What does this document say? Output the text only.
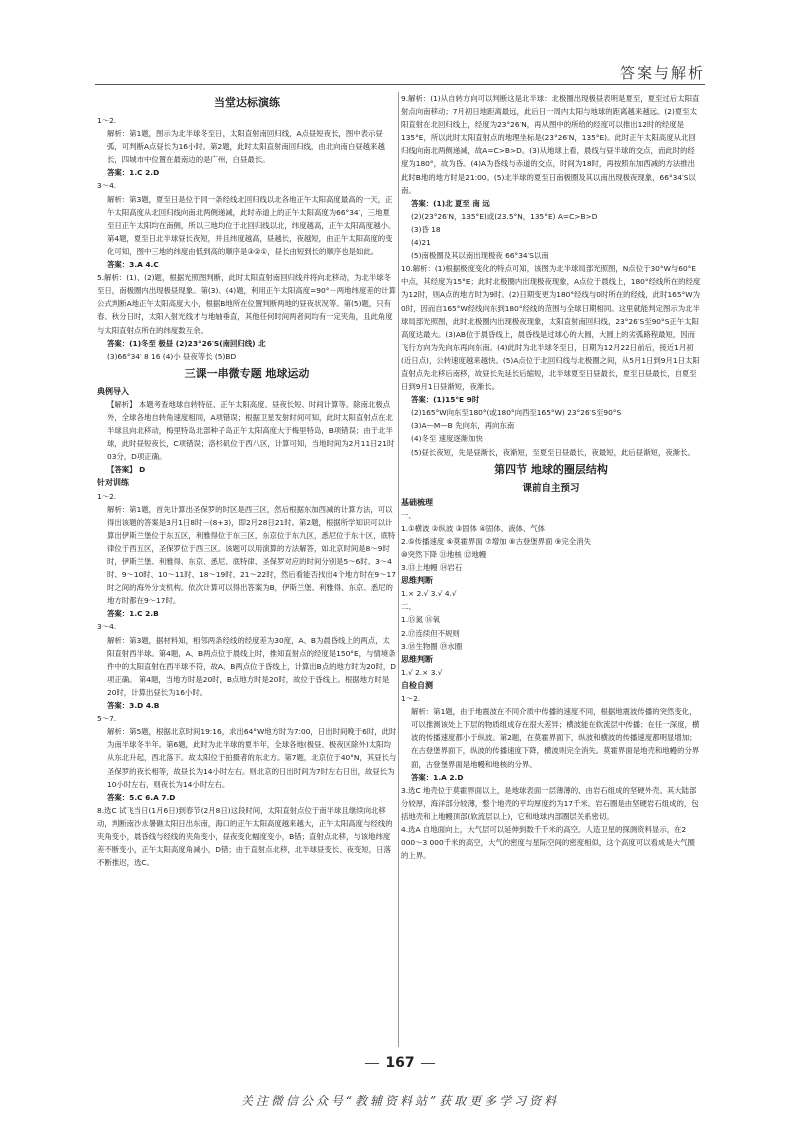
答案与解析
当堂达标演练

1～2.

解析：第1题，图示为北半球冬至日，太阳直射南回归线，A点昼短夜长，图中表示昼弧，可判断A点昼长为16小时。第2题，此时太阳直射南回归线，由北向南白昼越来越长，四城市中位置在最南边的是广州，白昼最长。

答案：1.C 2.D

3～4.

解析：第3题，夏至日是位于同一条经线北回归线以北各地正午太阳高度最高的一天，正午太阳高度从北回归线向南北两侧递减，此时赤道上的正午太阳高度为66°34′，三地夏至日正午太阳均在南侧，所以三地均位于北回归线以北，纬度越高，正午太阳高度越小。第4题，夏至日北半球昼长夜短，并且纬度越高，昼越长，夜越短，由正午太阳高度的变化可知，图中三地的纬度由低到高的顺序是③②①，昼长由短到长的顺序也是如此。

答案：3.A 4.C

5.解析：(1)、(2)题，根据光照图判断，此时太阳直射南回归线并将向北移动，为北半球冬至日，南极圈内出现极昼现象。第(3)、(4)题，利用正午太阳高度=90°－两地纬度差的计算公式判断A地正午太阳高度大小，根据B地所在位置判断两地的昼夜状况等。第(5)题，只有春、秋分日时，太阳入射光线才与地轴垂直，其他任何时间两者间均有一定夹角，且此角度与太阳直射点所在的纬度数互余。

答案：(1)冬至 极昼 (2)23°26′S(南回归线) 北

(3)66°34′ 8 16 (4)小 昼夜等长 (5)BD

三课一串微专题 地球运动

典例导入

【解析】 本题考查地球自转特征、正午太阳高度、昼夜长短、时间计算等。除南北极点外，全球各地自转角速度相同，A项错误；根据卫星发射时间可知，此时太阳直射点在北半球且向北移动，梅里特岛北部种子岛正午太阳高度大于梅里特岛，B项错误；由于北半球，此时昼短夜长，C项错误；洛杉矶位于西八区，计算可知，当地时间为2月11日21时03分，D项正确。

【答案】 D

针对训练

1～2.

解析：第1题，首先计算出圣保罗的时区是西三区，然后根据东加西减的计算方法，可以得出该题的答案是3月1日8时－(8+3)，即2月28日21时。第2题，根据所学知识可以计算出伊斯兰堡位于东五区，利雅得位于东三区，东京位于东九区，悉尼位于东十区，底特律位于西五区，圣保罗位于西三区。该题可以用演算的方法解答，如北京时间是8～9时时，伊斯兰堡、利雅得、东京、悉尼、底特律、圣保罗对应的时间分别是5～6时、3～4时、9～10时、10～11时、18～19时、21～22时，然后看能否找出4个地方时在9～17时之间的海外分支机构。依次计算可以得出答案为B，伊斯兰堡、利雅得、东京、悉尼的地方时都在9～17时。

答案：1.C 2.B

3～4.

解析：第3题，据材料知，相邻两条经线的经度差为30度，A、B为晨昏线上的两点，太阳直射西半球。第4题，A、B两点位于晨线上时，推知直射点的经度是150°E，与情境条件中的太阳直射在西半球不符，故A、B两点位于昏线上，计算出B点的地方时为20时，D项正确。 第4题，当地方时是20时，B点地方时是20时，故位于昏线上。根据地方时是20时，计算出昼长为16小时。

答案：3.D 4.B

5～7.

解析：第5题，根据北京时间19:16，求出64°W地方时为7:00，日出时间晚于6时，此时为南半球冬半年。第6题，此时为北半球的夏半年，全球各地(极昼、极夜区除外)太阳均从东北升起，西北落下。故太阳位于拍摄者的东北方。第7题，北京位于40°N，其昼长与圣保罗的夜长相等，故昼长为14小时左右。则北京的日出时间为7时左右日出，故昼长为10小时左右，则夜长为14小时左右。

答案：5.C 6.A 7.D

8.选C 试飞当日(1月6日)到春节(2月8日)这段时间，太阳直射点位于南半球且继续向北移动，判断南沙永暑礁太阳日出东南，海口的正午太阳高度越来越大，正午太阳高度与经线的夹角变小，晨昏线与经线的夹角变小，昼夜变化幅度变小，B错；直射点北移，与该地纬度差不断变小，正午太阳高度角减小，D错；由于直射点北移，北半球昼变长、夜变短，日落不断推迟，选C。

9.解析：(1)从自转方向可以判断这是北半球：北极圈出现极昼表明是夏至，夏至过后太阳直射点向南移动；7月初日地距离最远，此后日一周内太阳与地球的距离越来越远。(2)夏至太阳直射在北回归线上，经度为23°26′N，再从图中的所给的经度可以推出12时的经度是135°E，所以此时太阳直射点的地理坐标是(23°26′N，135°E)。此时正午太阳高度从北回归线向南北两侧递减，故A=C>B>D。(3)从地球上看，晨线与昼半球的交点，而此时的经度为180°，故为昏。(4)A为昏线与赤道的交点，时间为18时，再按照东加西减的方法推出此时B地的地方时是21:00。(5)北半球的夏至日南极圈及其以南出现极夜现象，66°34′S以南。

答案：(1)北 夏至 南 远

(2)(23°26′N，135°E)或(23.5°N，135°E) A=C>B>D

(3)昏 18

(4)21

(5)南极圈及其以南出现极夜 66°34′S以南

10.解析：(1)根据极度变化的特点可知，该图为北半球局部光照图，N点位于30°W与60°E中点，其经度为15°E；此时北极圈内出现极夜现象，A点位于晨线上，180°经线所在的经度为12时，则A点的地方时为9时。(2)日期变更为180°经线与0时所在的经线，此时165°W为0时，因而自165°W经线向东到180°经线的范围与全球日期相同。这里就能判定图示为北半球局部光照图，此时北极圈内出现极夜现象，太阳直射南回归线，23°26′S至90°S正午太阳高度达最大。(3)AB位于晨昏线上，晨昏线是过球心的大圆，大圆上的劣弧路程最短，因而飞行方向为先向东再向东南。(4)此时为北半球冬至日，日期为12月22日前后，接近1月初(近日点)，公转速度越来越快。(5)A点位于北回归线与北极圈之间，从5月1日到9月1日太阳直射点先北移后南移，故昼长先延长后缩短，北半球夏至日昼最长，夏至日昼最长，自夏至日到9月1日昼渐短，夜渐长。

答案：(1)15°E 9时

(2)165°W向东至180°(或180°向西至165°W) 23°26′S至90°S

(3)A—M—B 先向东，再向东南

(4)冬至 速度逐渐加快

(5)昼长夜短，先是昼渐长，夜渐短，至夏至日昼最长，夜最短，此后昼渐短，夜渐长。

第四节 地球的圈层结构
课前自主预习

基础梳理

一、

1.①横波 ②纵波 ③固体 ④固体、液体、气体

2.⑤传播速度 ⑥莫霍界面 ⑦增加 ⑧古登堡界面 ⑨完全消失

⑩突然下降 ⑪地核 ⑫地幔

3.⑬上地幔 ⑭岩石

思维判断

1.× 2.√ 3.√ 4.√

二、

1.⑮氮 ⑯氧

2.⑰连续但不规则

3.⑱生物圈 ⑲水圈

思维判断

1.√ 2.× 3.√

自检自测

1～2.

解析：第1题，由于地震波在不同介质中传播的速度不同，根据地震波传播的突然变化，可以推测该处上下层的物质组成存在很大差异；横波能在软流层中传播；在任一深度，横波的传播速度都小于纵波。第2题，在莫霍界面下，纵波和横波的传播速度都明显增加；在古登堡界面下，纵波的传播速度下降，横波则完全消失。莫霍界面是地壳和地幔的分界面，古登堡界面是地幔和地核的分界。

答案：1.A 2.D

3.选C 地壳位于莫霍界面以上，是地球表面一层薄薄的、由岩石组成的坚硬外壳。其大陆部分较厚，海洋部分较薄，整个地壳的平均厚度约为17千米。岩石圈是由坚硬岩石组成的，包括地壳和上地幔顶部(软流层以上)，它和地球内部圈层关系密切。

4.选A 自地面向上，大气层可以延伸到数千千米的高空。人造卫星的探测资料显示，在2 000～3 000千米的高空，大气的密度与星际空间的密度相似，这个高度可以看成是大气圈的上界。

167
关注微信公众号“教辅资料站”获取更多学习资料
